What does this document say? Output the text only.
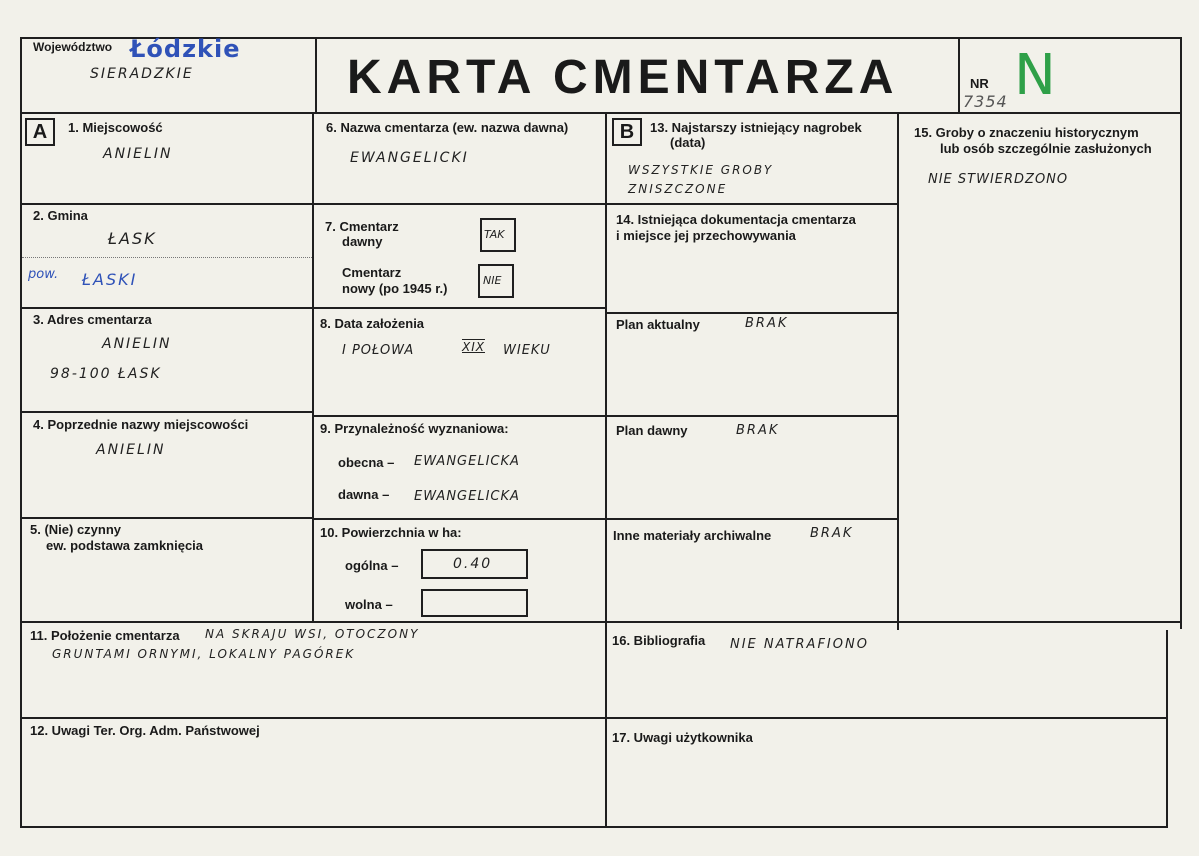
Województwo Łódzkie
SIERADZKIE	KARTA CMENTARZA	NR
7354 N
A	B
1. Miejscowość
ANIELIN
2. Gmina
ŁASK
pow. ŁASKI
3. Adres cmentarza
ANIELIN
98-100 ŁASK
4. Poprzednie nazwy miejscowości
ANIELIN
5. (Nie) czynny
ew. podstawa zamknięcia
6. Nazwa cmentarza (ew. nazwa dawna)
EWANGELICKI
7. Cmentarz
dawny	TAK
Cmentarz
nowy (po 1945 r.)
NIE
8. Data założenia
I POŁOWA	XIX WIEKU
9. Przynależność wyznaniowa:
obecna – EWANGELICKA
dawna – EWANGELICKA
10. Powierzchnia w ha:
ogólna –	0.40
wolna –
13. Najstarszy istniejący nagrobek
(data)
WSZYSTKIE GROBY
ZNISZCZONE
14. Istniejąca dokumentacja cmentarza
i miejsce jej przechowywania
Plan aktualny	BRAK
Plan dawny	BRAK
Inne materiały archiwalne	BRAK
15. Groby o znaczeniu historycznym
lub osób szczególnie zasłużonych
NIE STWIERDZONO
11. Położenie cmentarza NA SKRAJU WSI, OTOCZONY
GRUNTAMI ORNYMI, LOKALNY PAGÓREK
16. Bibliografia NIE NATRAFIONO
12. Uwagi Ter. Org. Adm. Państwowej	17. Uwagi użytkownika
